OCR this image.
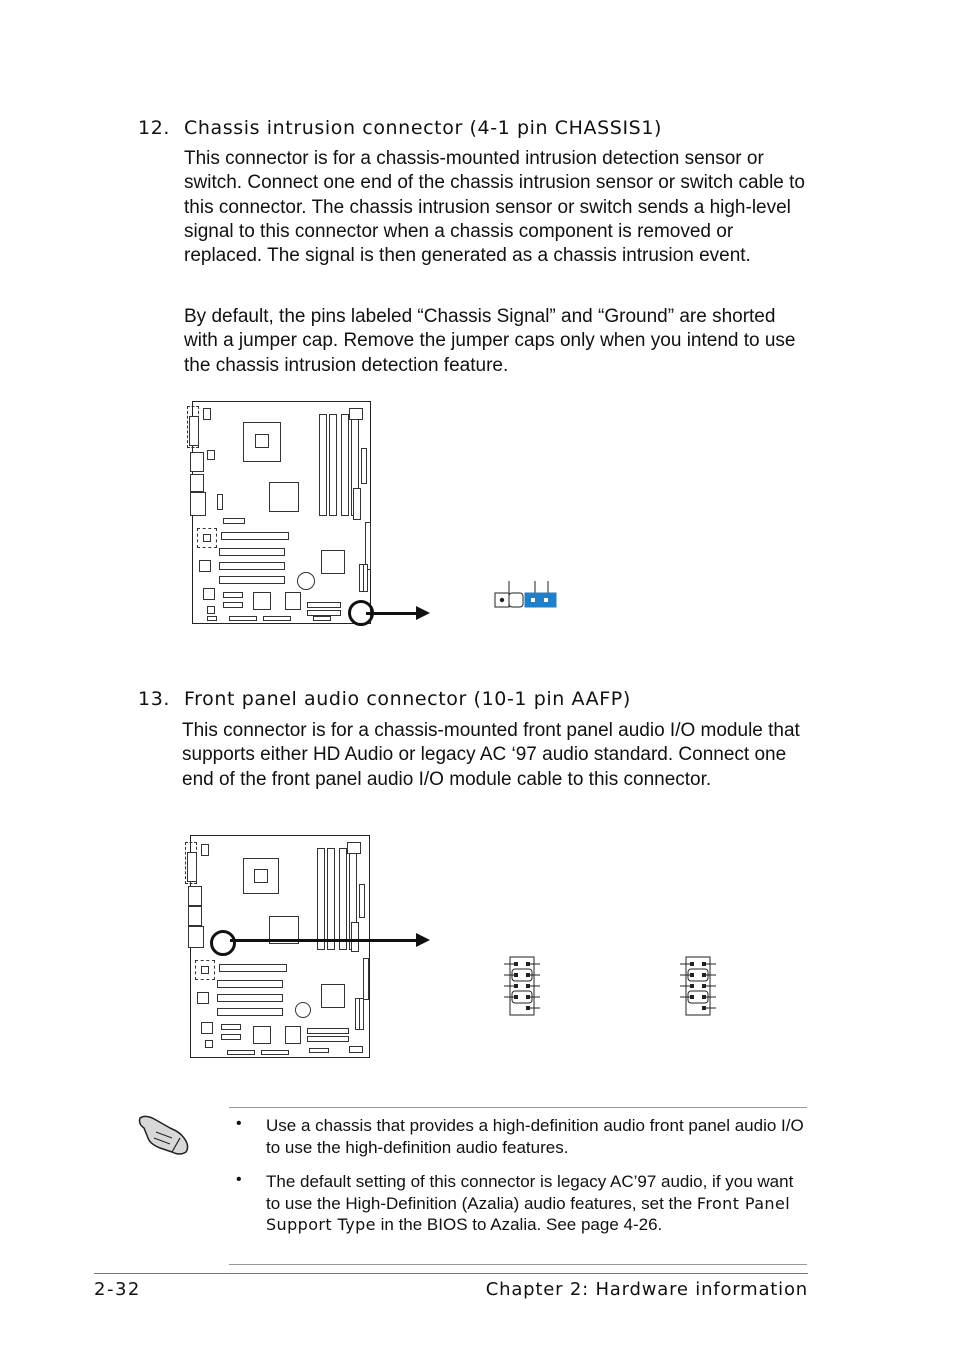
12. Chassis intrusion connector (4-1 pin CHASSIS1)

This connector is for a chassis-mounted intrusion detection sensor or switch. Connect one end of the chassis intrusion sensor or switch cable to this connector. The chassis intrusion sensor or switch sends a high-level signal to this connector when a chassis component is removed or replaced. The signal is then generated as a chassis intrusion event.

By default, the pins labeled “Chassis Signal” and “Ground” are shorted with a jumper cap. Remove the jumper caps only when you intend to use the chassis intrusion detection feature.

13. Front panel audio connector (10-1 pin AAFP)

This connector is for a chassis-mounted front panel audio I/O module that supports either HD Audio or legacy AC ‘97 audio standard. Connect one end of the front panel audio I/O module cable to this connector.

• Use a chassis that provides a high-definition audio front panel audio I/O to use the high-definition audio features.

• The default setting of this connector is legacy AC’97 audio, if you want to use the High-Definition (Azalia) audio features, set the Front Panel Support Type in the BIOS to Azalia. See page 4-26.

2-32	Chapter 2: Hardware information
